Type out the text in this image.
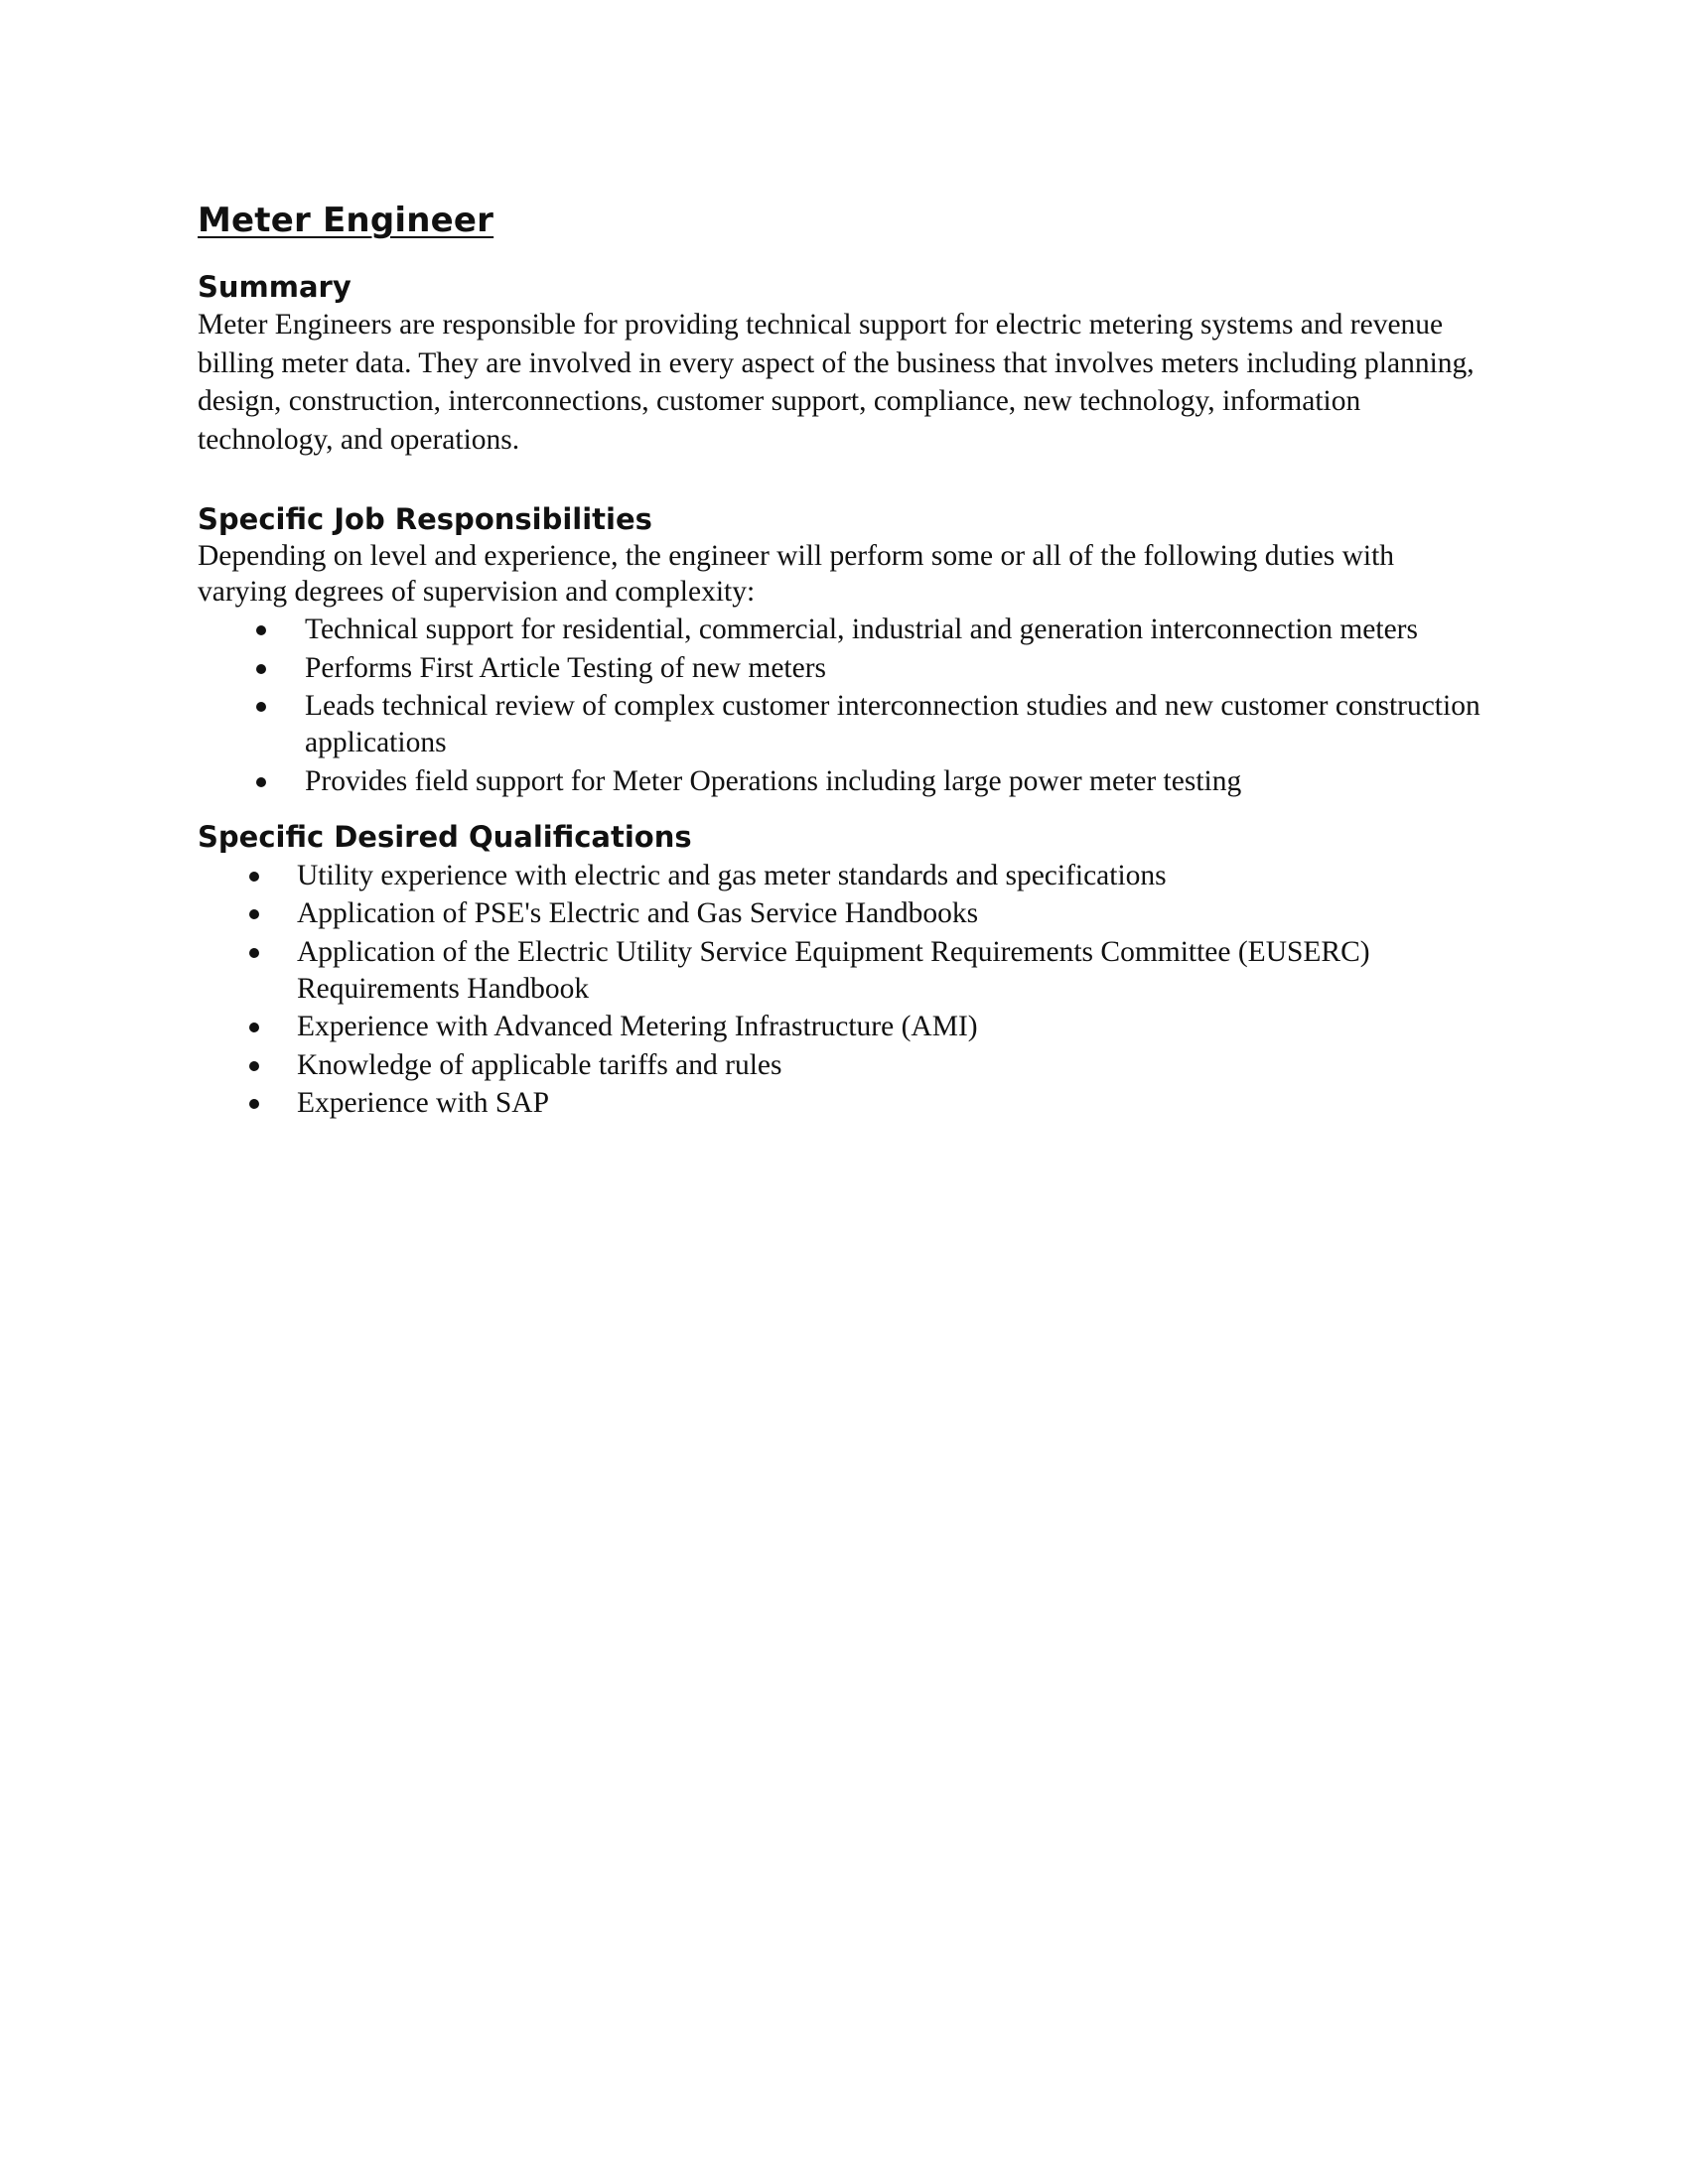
Meter Engineer
Summary

Meter Engineers are responsible for providing technical support for electric metering systems and revenue billing meter data. They are involved in every aspect of the business that involves meters including planning, design, construction, interconnections, customer support, compliance, new technology, information technology, and operations.

Specific Job Responsibilities

Depending on level and experience, the engineer will perform some or all of the following duties with varying degrees of supervision and complexity:

Technical support for residential, commercial, industrial and generation interconnection meters
Performs First Article Testing of new meters
Leads technical review of complex customer interconnection studies and new customer construction applications
Provides field support for Meter Operations including large power meter testing
Specific Desired Qualifications
Utility experience with electric and gas meter standards and specifications
Application of PSE's Electric and Gas Service Handbooks
Application of the Electric Utility Service Equipment Requirements Committee (EUSERC) Requirements Handbook
Experience with Advanced Metering Infrastructure (AMI)
Knowledge of applicable tariffs and rules
Experience with SAP
